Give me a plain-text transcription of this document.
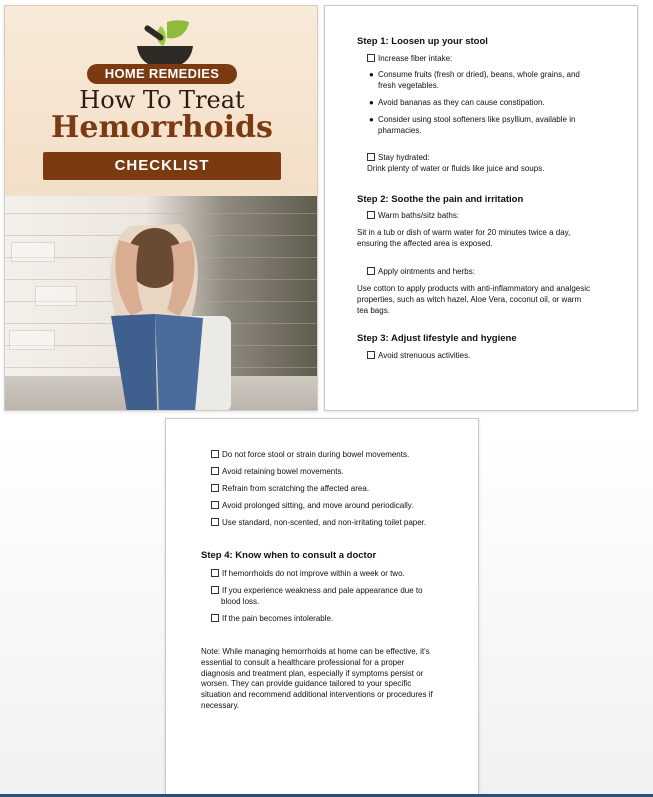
HOME REMEDIES
How To Treat
Hemorrhoids
CHECKLIST
Step 1: Loosen up your stool
Increase fiber intake:
● Consume fruits (fresh or dried), beans, whole grains, and
fresh vegetables.
● Avoid bananas as they can cause constipation.
● Consider using stool softeners like psyllium, available in
pharmacies.
Stay hydrated:
Drink plenty of water or fluids like juice and soups.
Step 2: Soothe the pain and irritation
Warm baths/sitz baths:
Sit in a tub or dish of warm water for 20 minutes twice a day,
ensuring the affected area is exposed.
Apply ointments and herbs:
Use cotton to apply products with anti-inflammatory and analgesic
properties, such as witch hazel, Aloe Vera, coconut oil, or warm
tea bags.
Step 3: Adjust lifestyle and hygiene
Avoid strenuous activities.
Do not force stool or strain during bowel movements.
Avoid retaining bowel movements.
Refrain from scratching the affected area.
Avoid prolonged sitting, and move around periodically.
Use standard, non-scented, and non-irritating toilet paper.
Step 4: Know when to consult a doctor
If hemorrhoids do not improve within a week or two.
If you experience weakness and pale appearance due to
blood loss.
If the pain becomes intolerable.
Note: While managing hemorrhoids at home can be effective, it's
essential to consult a healthcare professional for a proper
diagnosis and treatment plan, especially if symptoms persist or
worsen. They can provide guidance tailored to your specific
situation and recommend additional interventions or procedures if
necessary.
